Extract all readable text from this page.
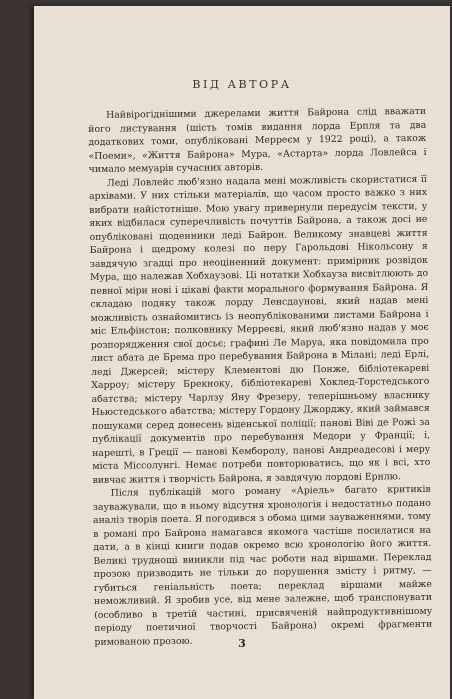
ВІД АВТОРА

Найвірогіднішими джерелами життя Байрона слід вважати його листування (шість томів видання лорда Ерпля та два додаткових томи, опубліковані Мерреєм у 1922 році), а також «Поеми», «Життя Байрона» Мура, «Астарта» лорда Ловлейса і чимало мемуарів сучасних авторів.

Леді Ловлейс люб'язно надала мені можливість скористатися її архівами. У них стільки матеріалів, що часом просто важко з них вибрати найістотніше. Мою увагу привернули передусім тексти, у яких відбилася суперечливість почуттів Байрона, а також досі не опубліковані щоденники леді Байрон. Великому знавцеві життя Байрона і щедрому колезі по перу Гарольдові Нікольсону я завдячую згадці про неоціненний документ: примірник розвідок Мура, що належав Хобхаузові. Ці нотатки Хобхауза висвітлюють до певної міри нові і цікаві факти морального формування Байрона. Я складаю подяку також лорду Ленсдауновi, який надав мені можливість ознайомитись із неопублікованими листами Байрона і міс Ельфінстон; полковнику Мерреєві, який люб'язно надав у моє розпорядження свої досьє; графині Ле Маруа, яка повідомила про лист абата де Брема про перебування Байрона в Мілані; леді Ерлі, леді Джерсей; містеру Клементові дю Понже, бібліотекареві Харроу; містеру Брекноку, бібліотекареві Хоклед-Торстедського абатства; містеру Чарлзу Яну Фрезеру, теперішньому власнику Ньюстедського абатства; містеру Гордону Джорджу, який займався пошуками серед донесень віденської поліції; панові Віві де Рожі за публікації документів про перебування Медори у Франції; і, нарешті, в Греції — панові Кемборолу, панові Андреадесові і меру міста Міссолунгі. Немає потреби повторюватись, що як і всі, хто вивчає життя і творчість Байрона, я завдячую лордові Ернлю.

Після публікацій мого роману «Аріель» багато критиків зауважували, що в ньому відсутня хронологія і недостатньо подано аналіз творів поета. Я погодився з обома цими зауваженнями, тому в романі про Байрона намагався якомога частіше посилатися на дати, а в кінці книги подав окремо всю хронологію його життя. Великі труднощі виникли під час роботи над віршами. Переклад прозою призводить не тільки до порушення змісту і ритму, — губиться геніальність поета; переклад віршами майже неможливий. Я зробив усе, від мене залежне, щоб транспонувати (особливо в третій частині, присвяченій найпродуктивнішому періоду поетичної творчості Байрона) окремі фрагменти римованою прозою.	3
